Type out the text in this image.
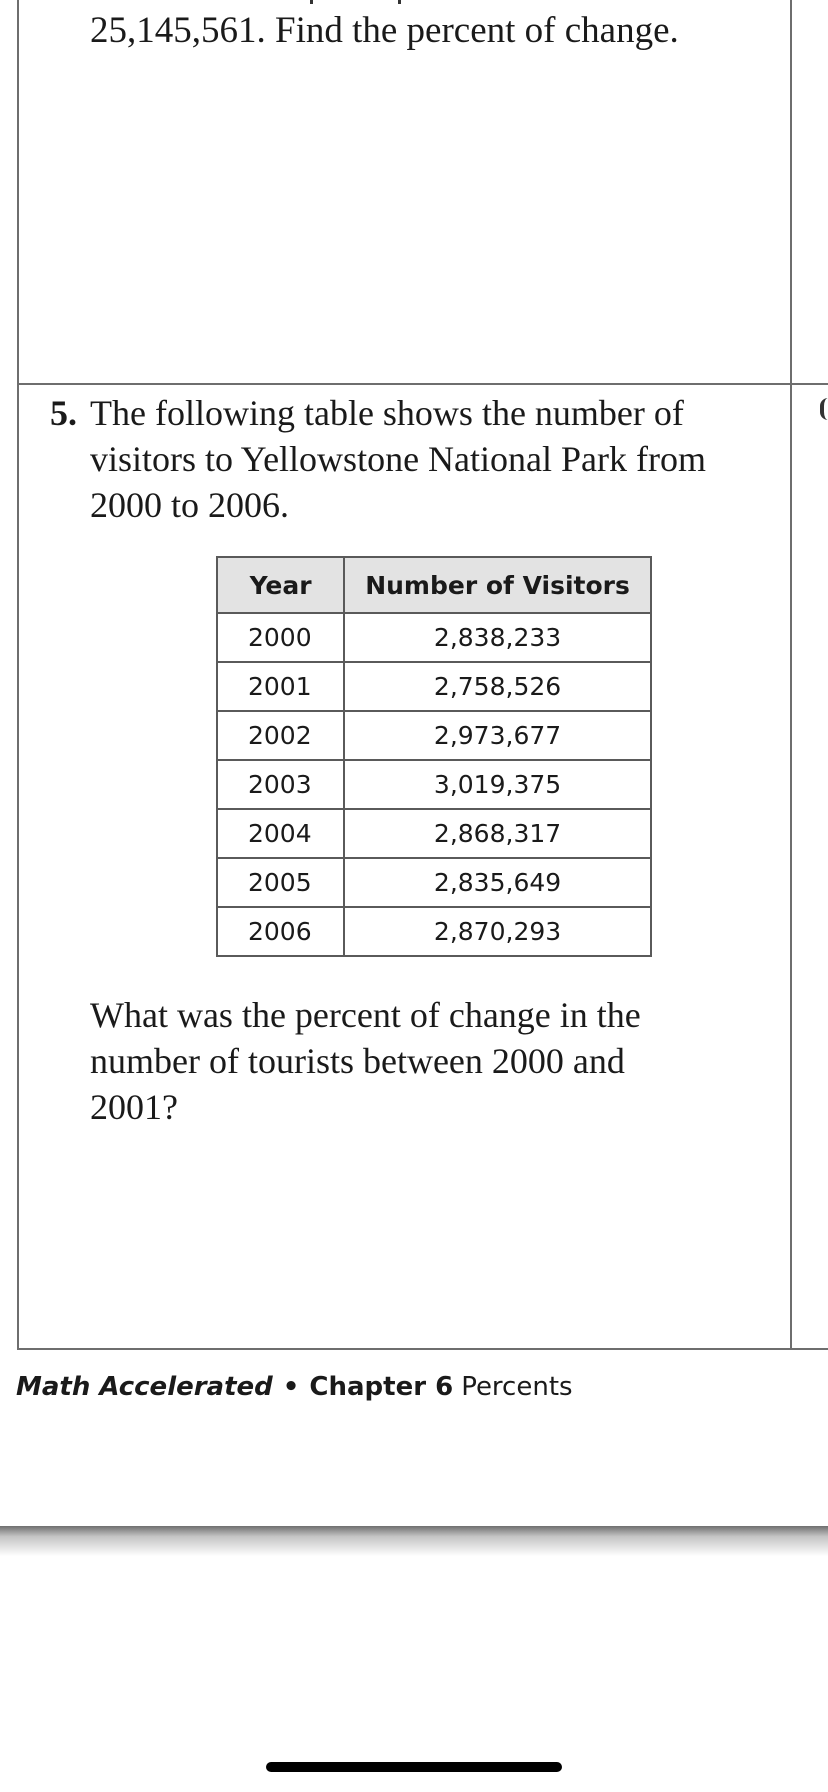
25,145,561. Find the percent of change.
5. The following table shows the number of
visitors to Yellowstone National Park from
2000 to 2006.
Year	Number of Visitors
2000	2,838,233
2001	2,758,526
2002	2,973,677
2003	3,019,375
2004	2,868,317
2005	2,835,649
2006	2,870,293
What was the percent of change in the
number of tourists between 2000 and
2001?
Math Accelerated • Chapter 6 Percents
